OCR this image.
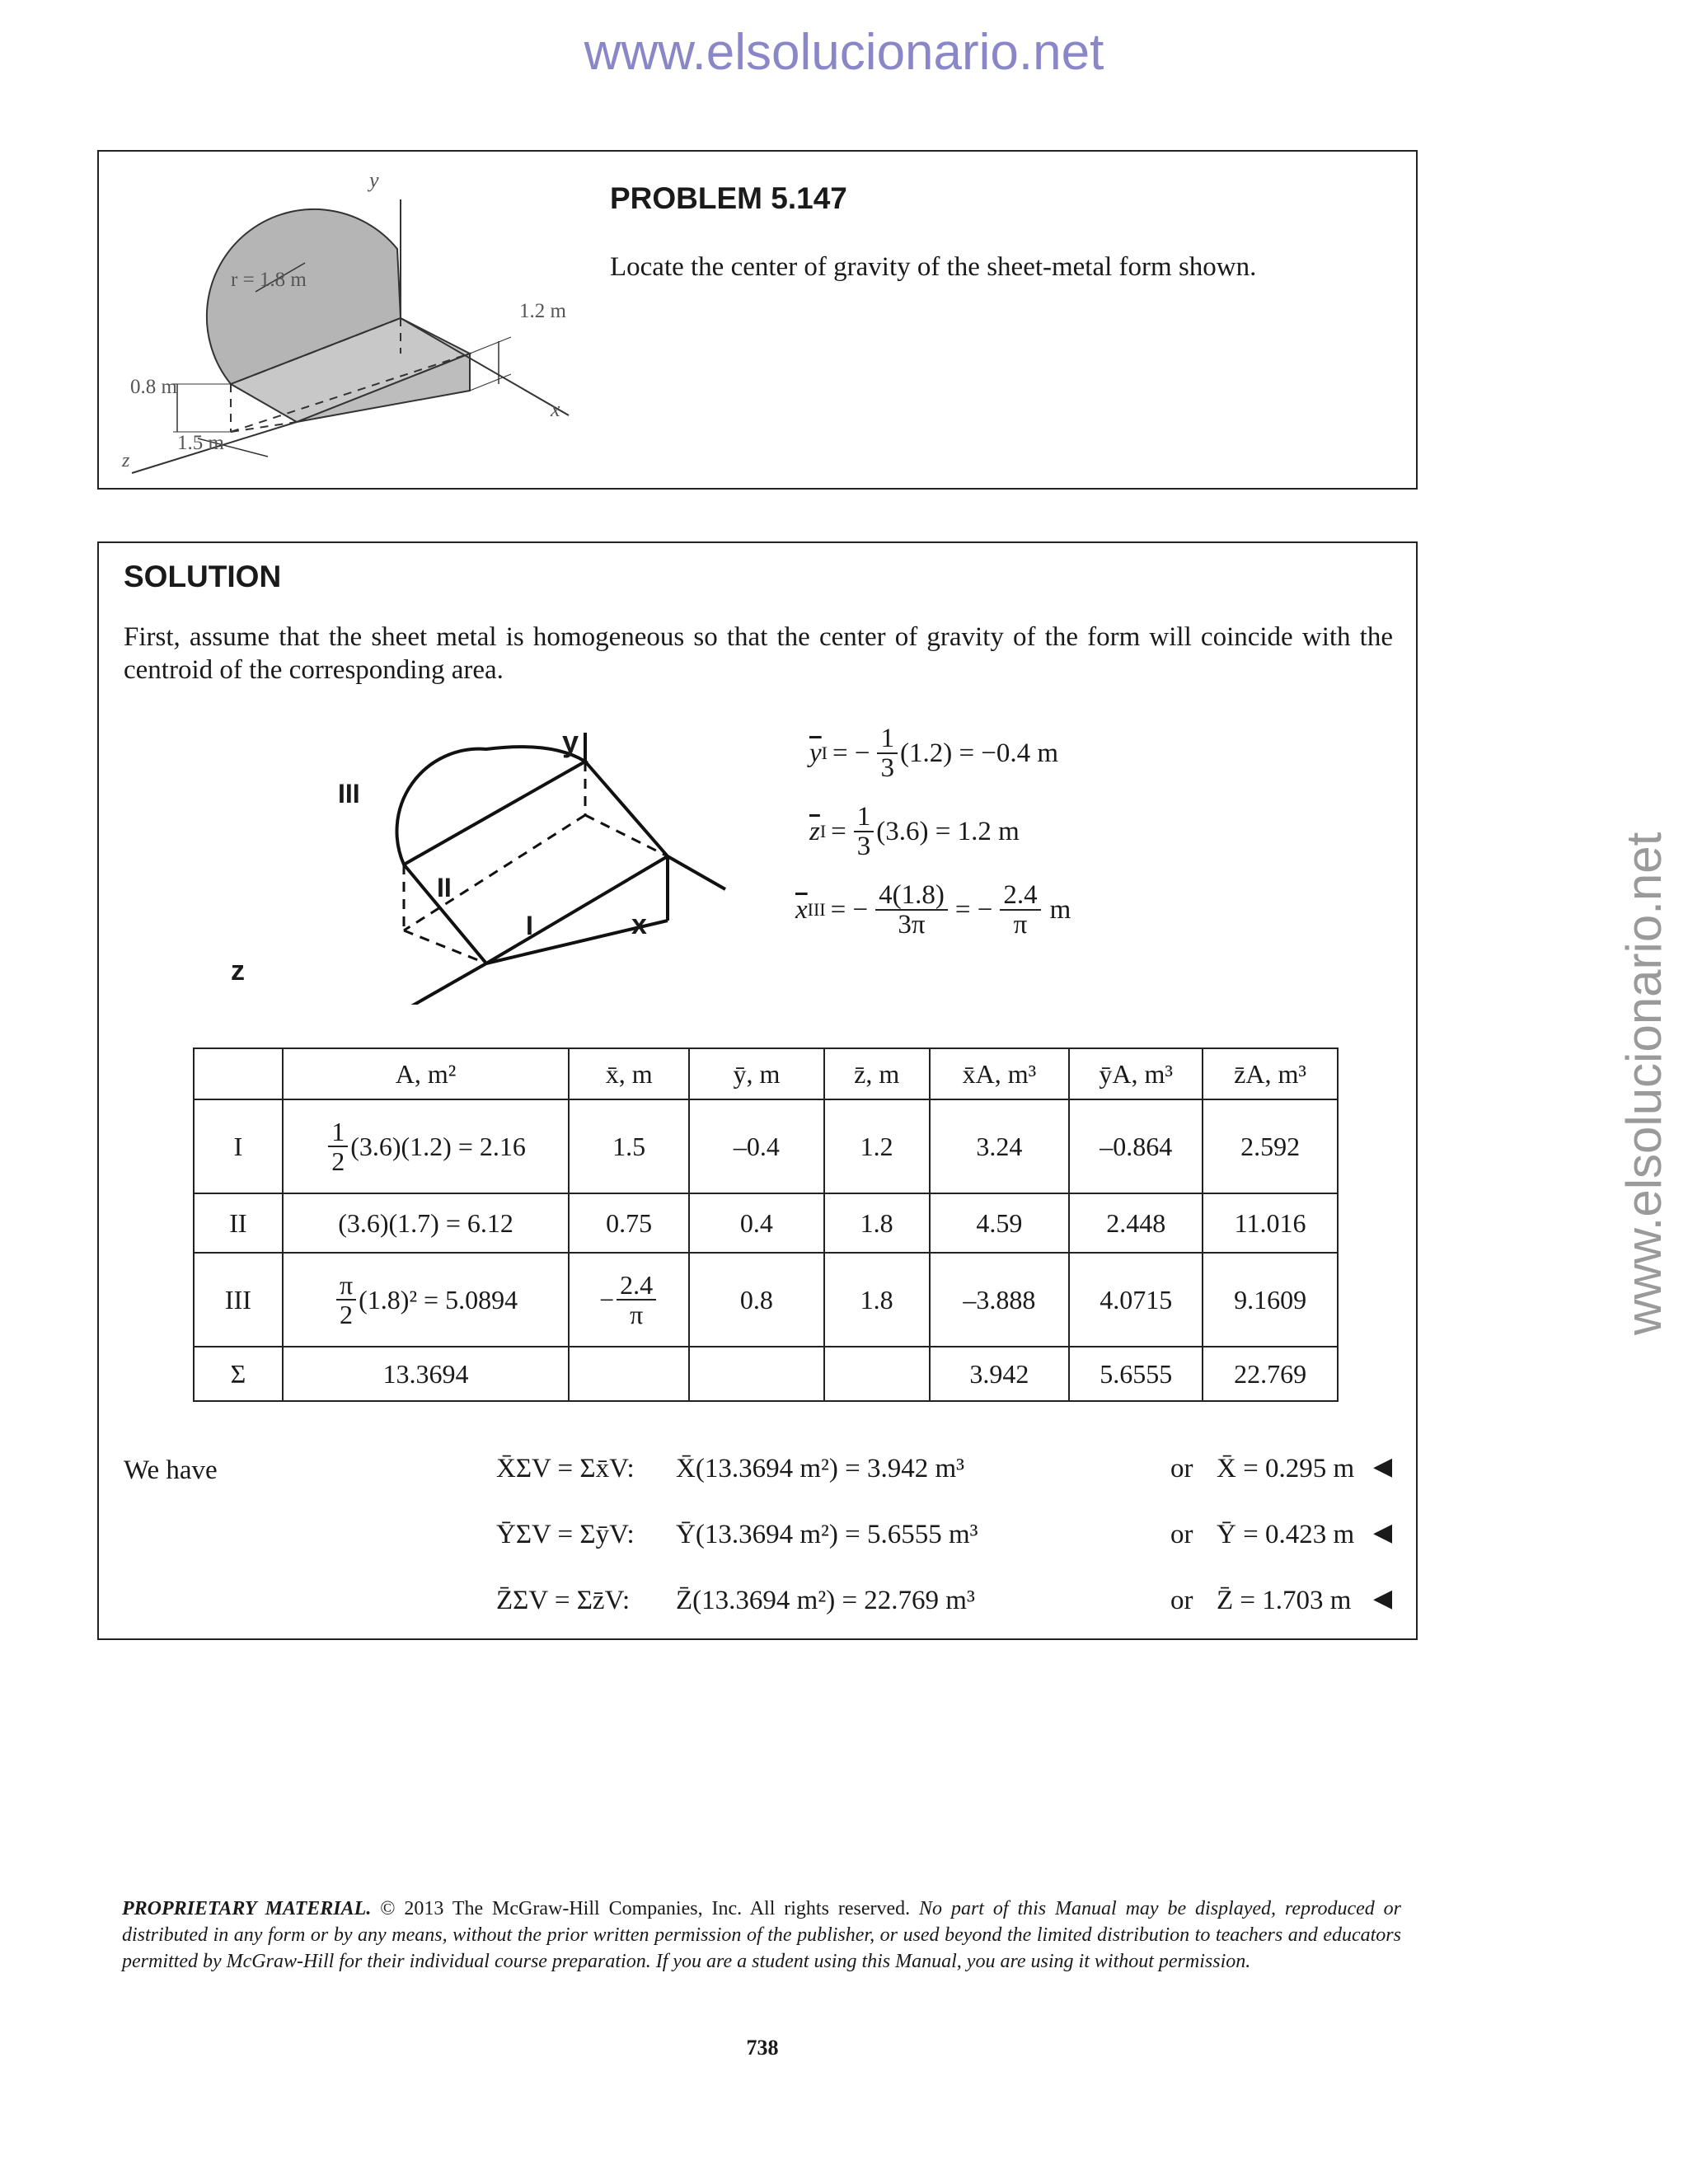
www.elsolucionario.net
www.elsolucionario.net
y
r = 1.8 m
1.2 m
0.8 m
1.5 m
x
z
PROBLEM 5.147
Locate the center of gravity of the sheet-metal form shown.
SOLUTION
First, assume that the sheet metal is homogeneous so that the center of gravity of the form will coincide with the centroid of the corresponding area.
y
III
II
I	x
z
$\overline{y}$ I = − $\frac{1}{3} (1.2) = -0.4$ m
$\overline{z}$ $I = \frac{1}{3} (3.6) = 1.2$ m
$\overline{x}$ III = − $\frac{4(1.8)}{3\pi}$ = − $\frac{2.4}{\pi}$ m
	A, m²	x̄, m	ȳ, m	z̄, m	x̄A, m³	ȳA, m³	z̄A, m³
I	$\frac{1}{2} (3.6)(1.2) = 2.16$	1.5	–0.4	1.2	3.24	–0.864	2.592
II	(3.6)(1.7) = 6.12	0.75	0.4	1.8	4.59	2.448	11.016
III	$\frac{\pi}{2} (1.8)^2 = 5.0894$	− $\frac{2.4}{\pi}$	0.8	1.8	–3.888	4.0715	9.1609
Σ	13.3694				3.942	5.6555	22.769
We have	X̄ΣV = Σx̄V: X̄(13.3694 m²) = 3.942 m³	or X̄ = 0.295 m ◀
ȲΣV = ΣȳV: Ȳ(13.3694 m²) = 5.6555 m³	or Ȳ = 0.423 m ◀
Z̄ΣV = Σz̄V: Z̄(13.3694 m²) = 22.769 m³	or Z̄ = 1.703 m ◀
PROPRIETARY MATERIAL. © 2013 The McGraw-Hill Companies, Inc. All rights reserved. No part of this Manual may be displayed, reproduced or distributed in any form or by any means, without the prior written permission of the publisher, or used beyond the limited distribution to teachers and educators permitted by McGraw-Hill for their individual course preparation. If you are a student using this Manual, you are using it without permission.
738
